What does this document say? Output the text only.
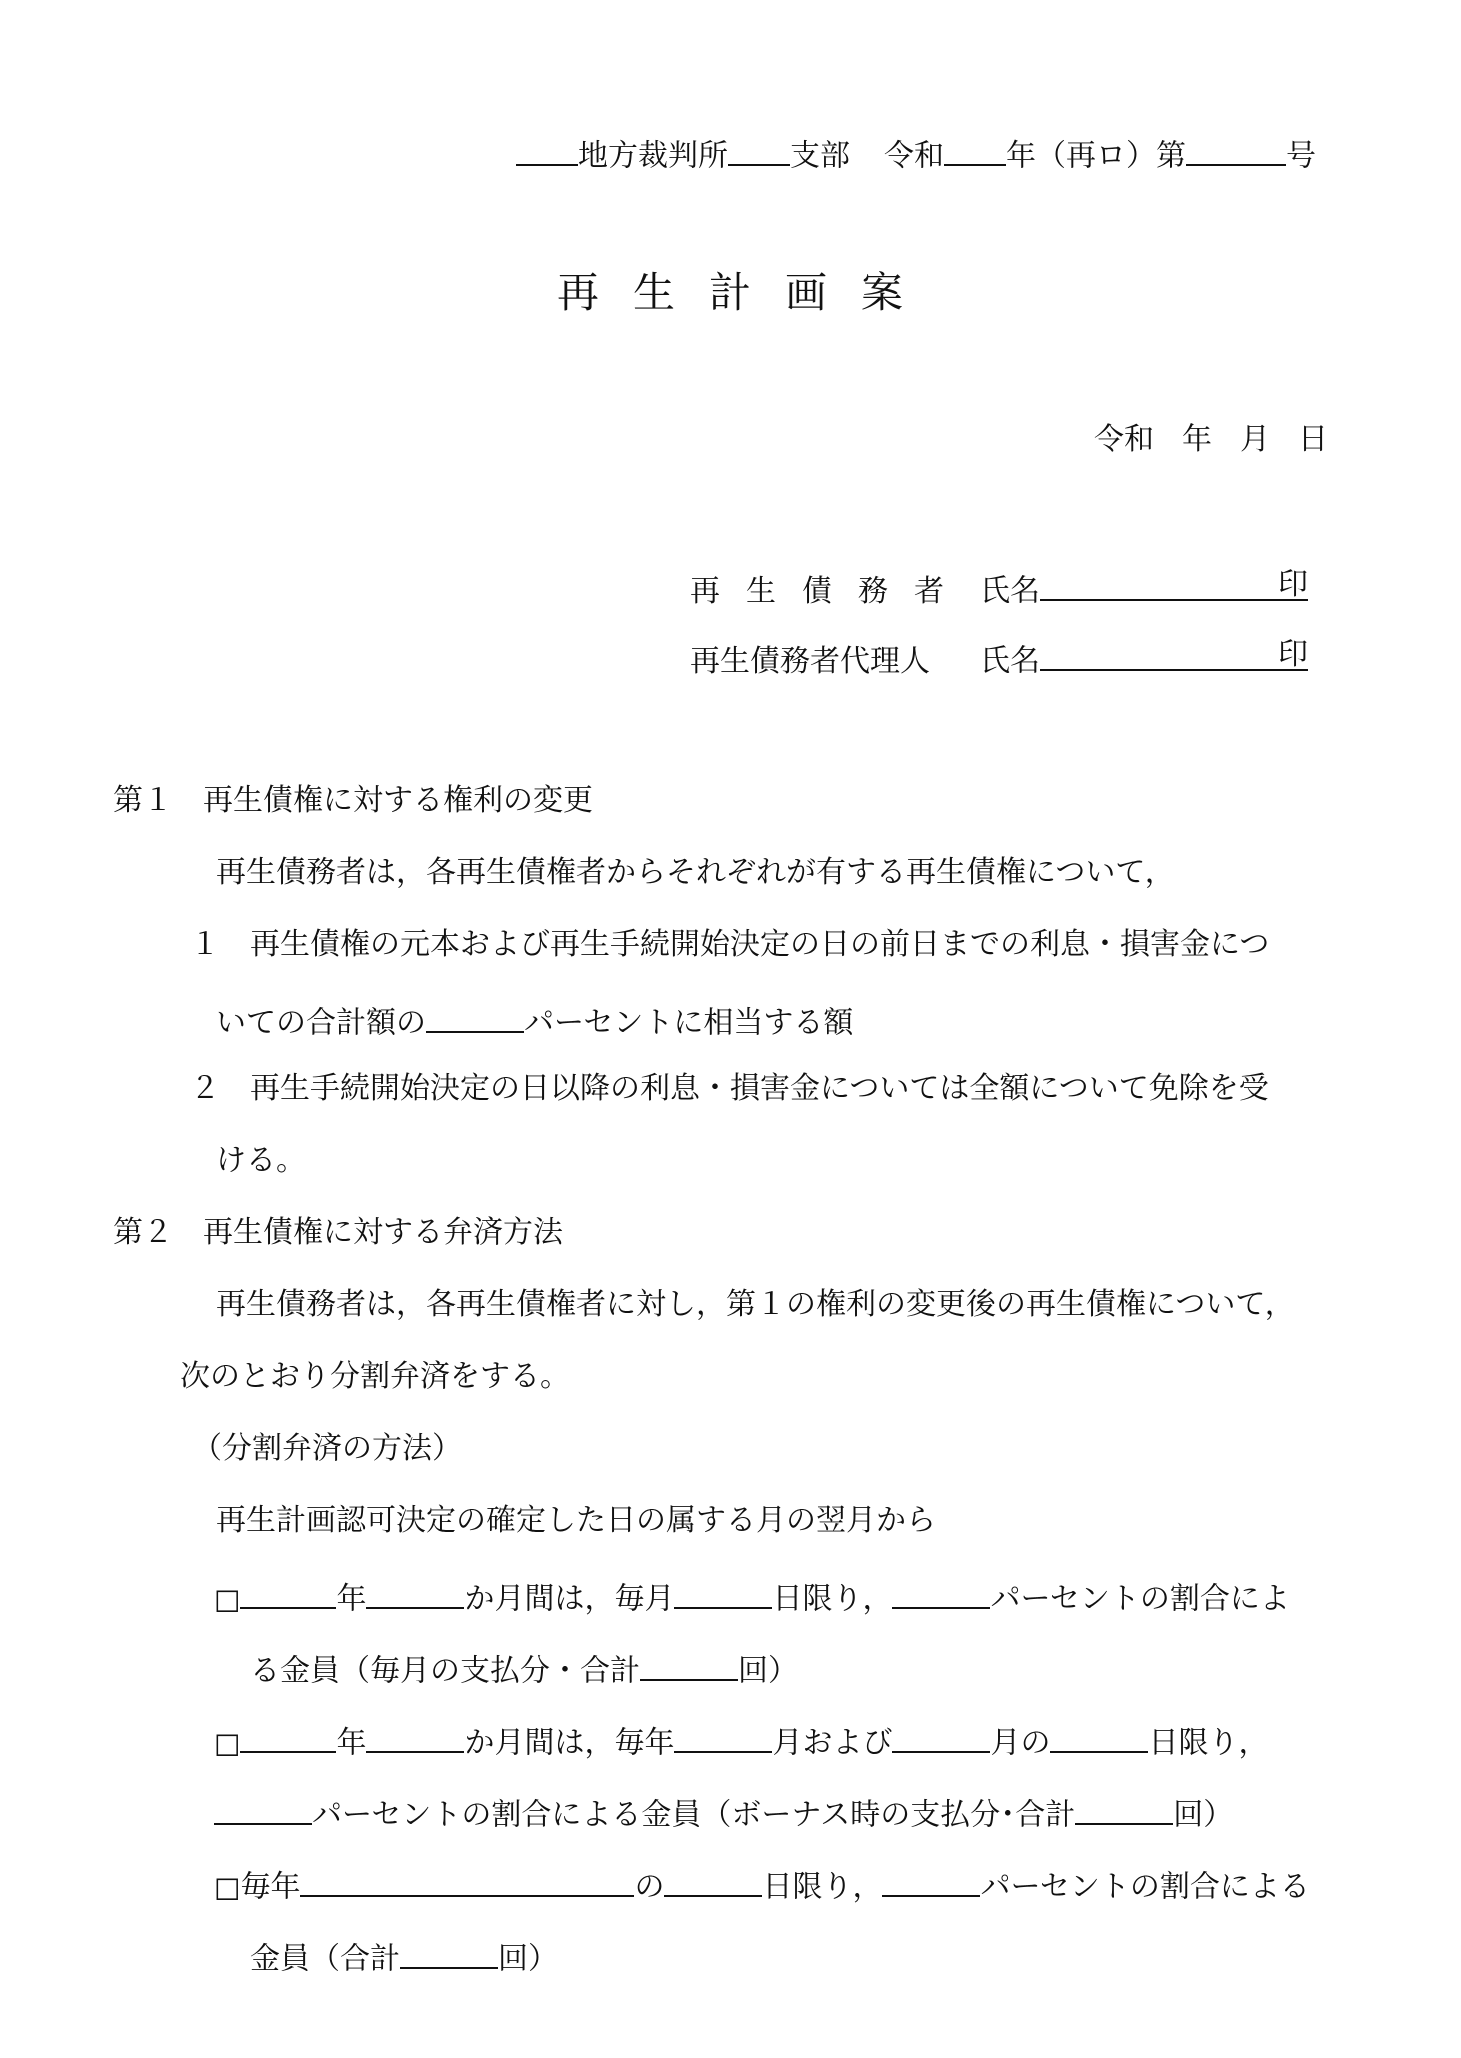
地方裁判所 支部 令和 年（再ロ）第	号
再 生 計 画 案
令和 年 月 日
再 生 債 務 者 氏名	印
再生債務者代理人 氏名	印
第１　再生債権に対する権利の変更
再生債務者は，各再生債権者からそれぞれが有する再生債権について，
１ 再生債権の元本および再生手続開始決定の日の前日までの利息・損害金につ
いての合計額の	パーセントに相当する額
２ 再生手続開始決定の日以降の利息・損害金については全額について免除を受
ける。
第２　再生債権に対する弁済方法
再生債務者は，各再生債権者に対し，第１の権利の変更後の再生債権について，
次のとおり分割弁済をする。
（分割弁済の方法）
再生計画認可決定の確定した日の属する月の翌月から
□	年	か月間は，毎月	日限り，	パーセントの割合によ
る金員（毎月の支払分・合計	回）
□	年	か月間は，毎年	月および	月の	日限り，
パーセントの割合による金員（ボーナス時の支払分･合計	回）
□毎年	の	日限り，	パーセントの割合による
金員（合計	回）
